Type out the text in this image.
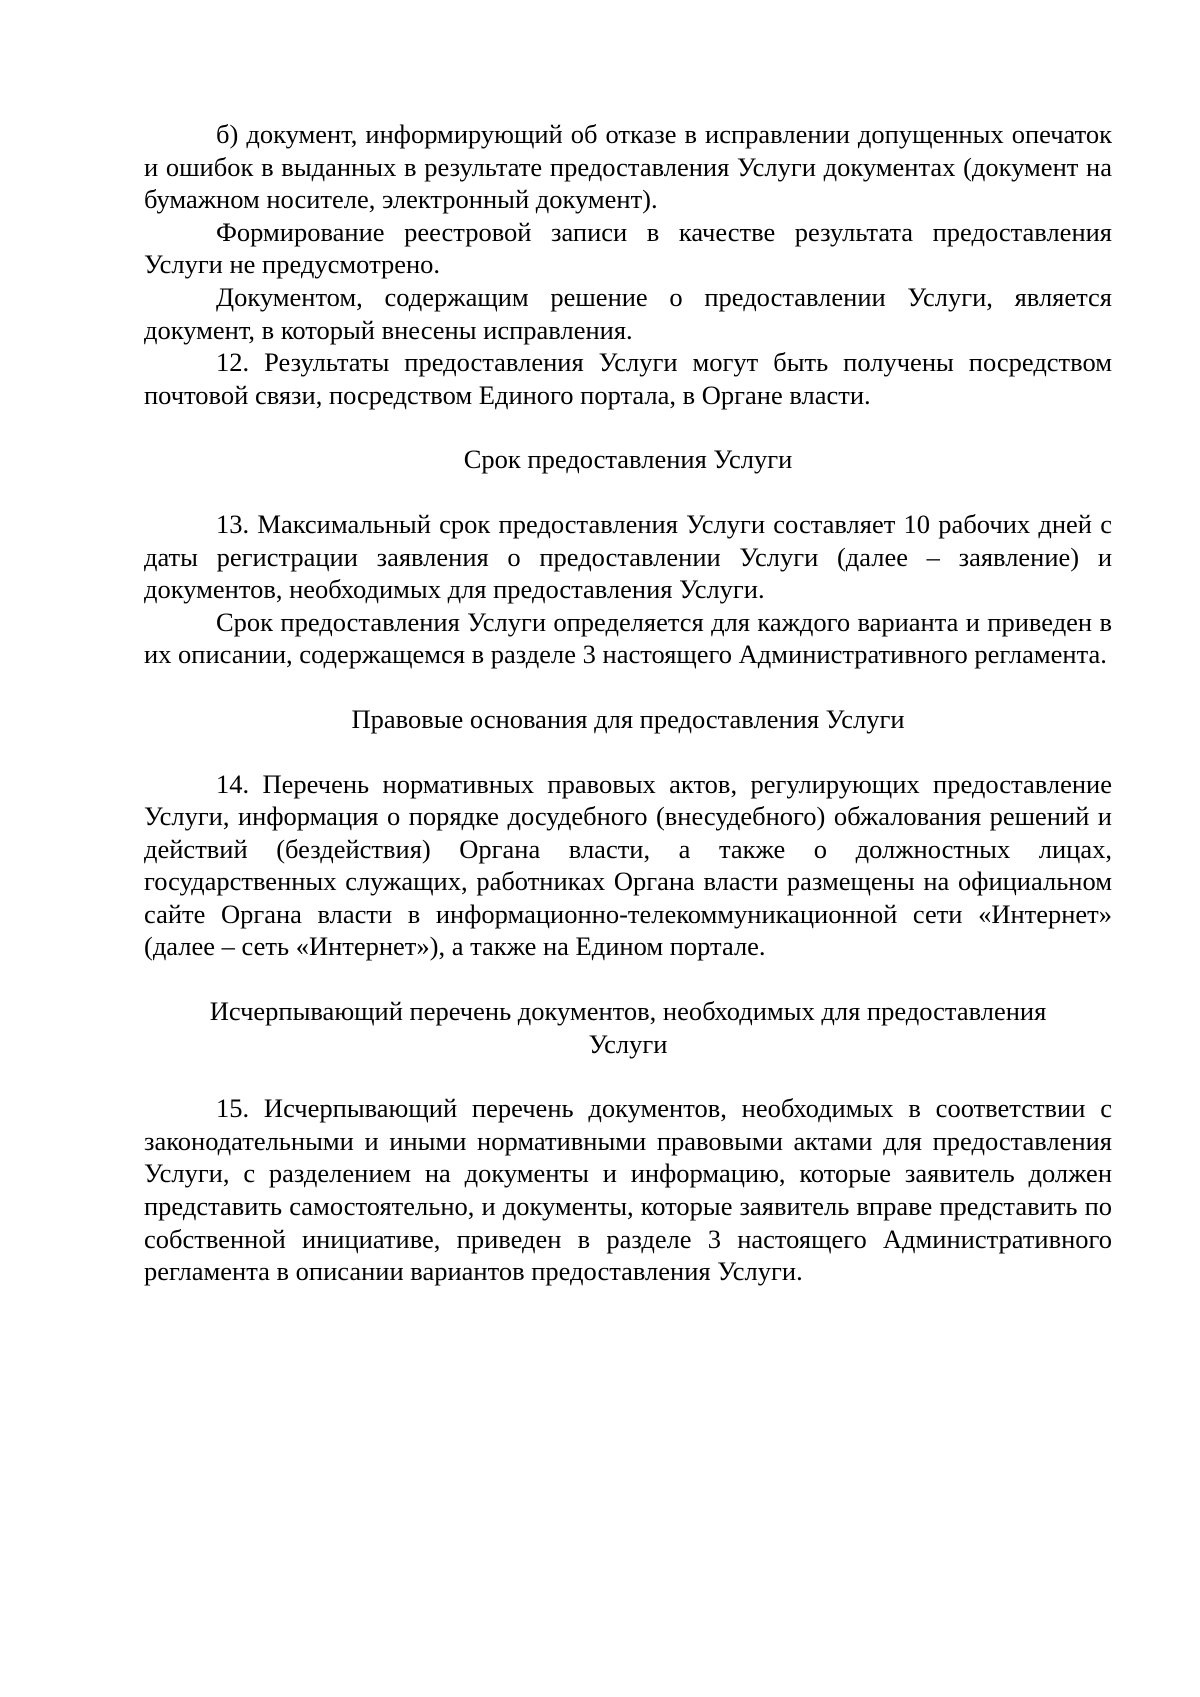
б) документ, информирующий об отказе в исправлении допущенных опечаток и ошибок в выданных в результате предоставления Услуги документах (документ на бумажном носителе, электронный документ).

Формирование реестровой записи в качестве результата предоставления Услуги не предусмотрено.

Документом, содержащим решение о предоставлении Услуги, является документ, в который внесены исправления.

12. Результаты предоставления Услуги могут быть получены посредством почтовой связи, посредством Единого портала, в Органе власти.

Срок предоставления Услуги

13. Максимальный срок предоставления Услуги составляет 10 рабочих дней с даты регистрации заявления о предоставлении Услуги (далее – заявление) и документов, необходимых для предоставления Услуги.

Срок предоставления Услуги определяется для каждого варианта и приведен в их описании, содержащемся в разделе 3 настоящего Административного регламента.

Правовые основания для предоставления Услуги

14. Перечень нормативных правовых актов, регулирующих предоставление Услуги, информация о порядке досудебного (внесудебного) обжалования решений и действий (бездействия) Органа власти, а также о должностных лицах, государственных служащих, работниках Органа власти размещены на официальном сайте Органа власти в информационно-телекоммуникационной сети «Интернет» (далее – сеть «Интернет»), а также на Едином портале.

Исчерпывающий перечень документов, необходимых для предоставления
Услуги

15. Исчерпывающий перечень документов, необходимых в соответствии с законодательными и иными нормативными правовыми актами для предоставления Услуги, с разделением на документы и информацию, которые заявитель должен представить самостоятельно, и документы, которые заявитель вправе представить по собственной инициативе, приведен в разделе 3 настоящего Административного регламента в описании вариантов предоставления Услуги.
